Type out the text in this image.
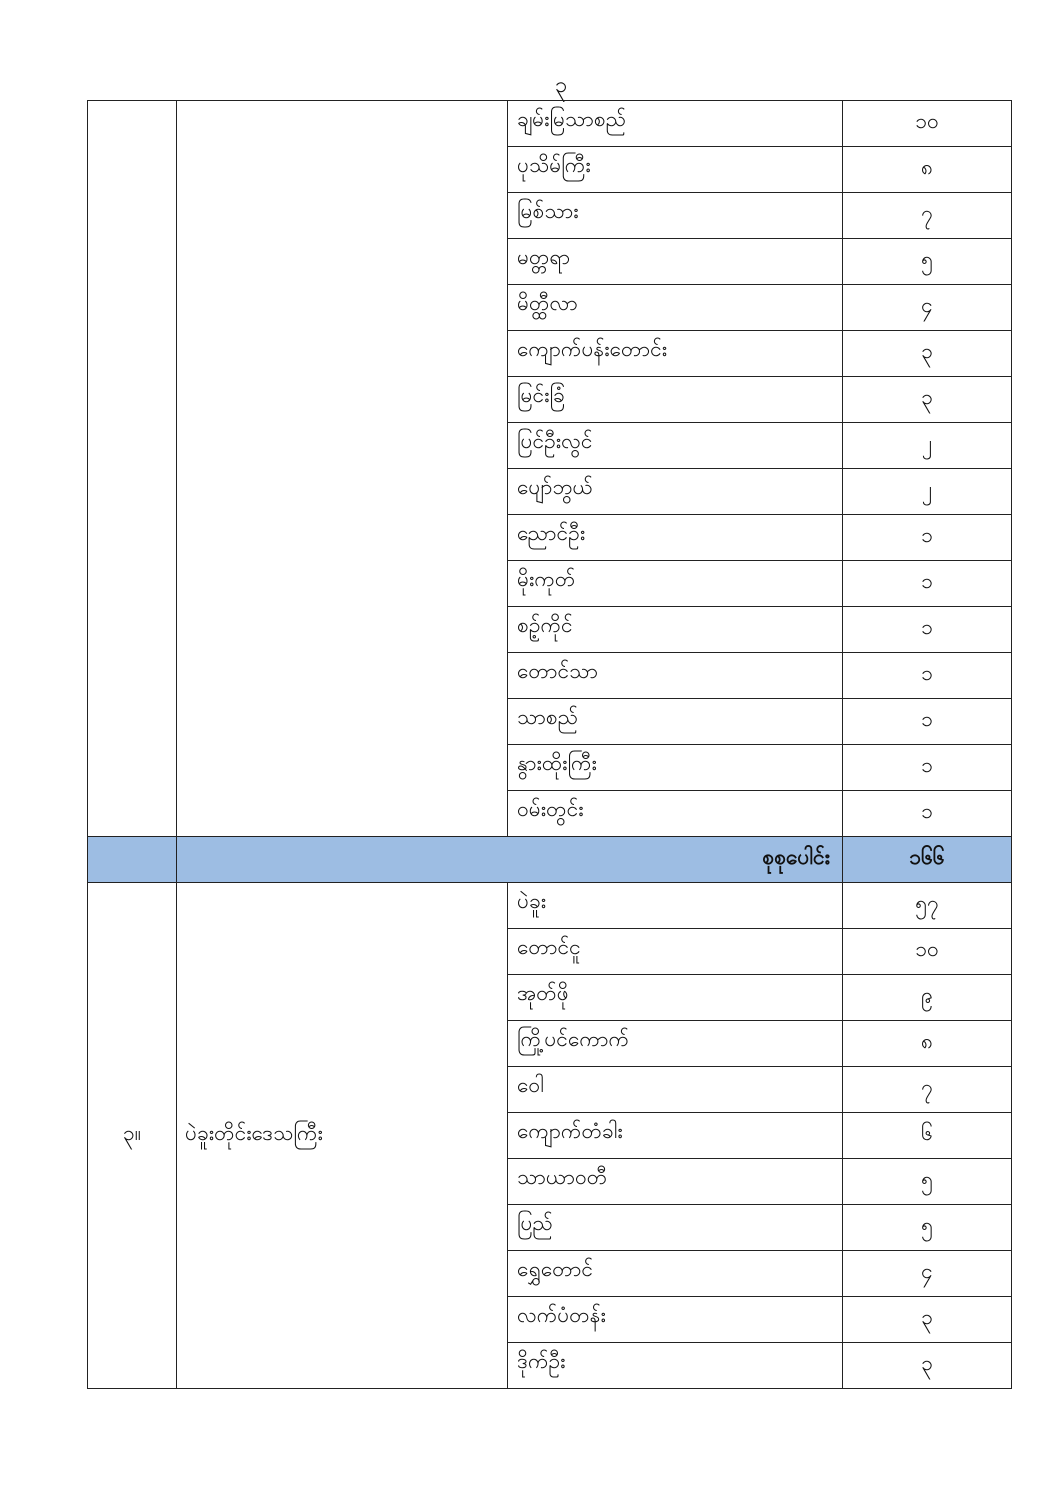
၃
		ချမ်းမြသာစည်	၁၀
		ပုသိမ်ကြီး	၈
		မြစ်သား	၇
		မတ္တရာ	၅
		မိတ္ထီလာ	၄
		ကျောက်ပန်းတောင်း	၃
		မြင်းခြံ	၃
		ပြင်ဦးလွင်	၂
		ပျော်ဘွယ်	၂
		ညောင်ဦး	၁
		မိုးကုတ်	၁
		စဥ့်ကိုင်	၁
		တောင်သာ	၁
		သာစည်	၁
		နွားထိုးကြီး	၁
		ဝမ်းတွင်း	၁
	စုစုပေါင်း		၁၆၆
၃။	ပဲခူးတိုင်းဒေသကြီး	ပဲခူး	၅၇
		တောင်ငူ	၁၀
		အုတ်ဖို	၉
		ကြို့ပင်ကောက်	၈
		ဝေါ	၇
		ကျောက်တံခါး	၆
		သာယာဝတီ	၅
		ပြည်	၅
		ရွှေတောင်	၄
		လက်ပံတန်း	၃
		ဒိုက်ဦး	၃
